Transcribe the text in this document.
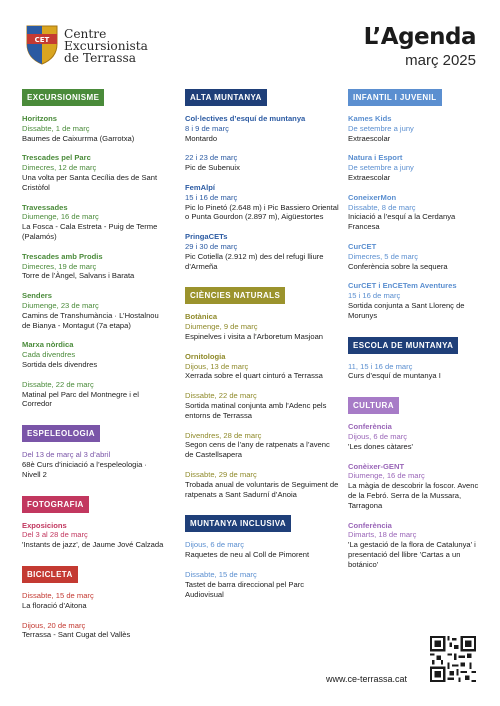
CET Centre
Excursionista
de Terrassa
L’Agenda
març 2025
EXCURSIONISME
Horitzons
Dissabte, 1 de març
Baumes de Caixurrma (Garrotxa)
Trescades pel Parc
Dimecres, 12 de març
Una volta per Santa Cecília des de Sant Cristòfol
Travessades
Diumenge, 16 de març
La Fosca - Cala Estreta - Puig de Terme (Palamós)
Trescades amb Prodis
Dimecres, 19 de març
Torre de l’Àngel, Salvans i Barata
Senders
Diumenge, 23 de març
Camins de Transhumància · L’Hostalnou de Bianya - Montagut (7a etapa)
Marxa nòrdica
Cada divendres
Sortida dels divendres
Dissabte, 22 de març
Matinal pel Parc del Montnegre i el Corredor
ESPELEOLOGIA
Del 13 de març al 3 d’abril
68è Curs d’iniciació a l’espeleologia · Nivell 2
FOTOGRAFIA
Exposicions
Del 3 al 28 de març
'Instants de jazz', de Jaume Jové Calzada
BICICLETA
Dissabte, 15 de març
La floració d’Aitona
Dijous, 20 de març
Terrassa - Sant Cugat del Vallès
ALTA MUNTANYA
Col·lectives d’esquí de muntanya
8 i 9 de març
Montardo
22 i 23 de març
Pic de Subenuix
FemAlpí
15 i 16 de març
Pic lo Pinetó (2.648 m) i Pic Bassiero Oriental o Punta Gourdon (2.897 m), Aigüestortes
PringaCETs
29 i 30 de març
Pic Cotiella (2.912 m) des del refugi lliure d’Armeña
CIÈNCIES NATURALS
Botànica
Diumenge, 9 de març
Espinelves i visita a l’Arboretum Masjoan
Ornitologia
Dijous, 13 de març
Xerrada sobre el quart cinturó a Terrassa
Dissabte, 22 de març
Sortida matinal conjunta amb l’Adenc pels entorns de Terrassa
Divendres, 28 de març
Segon cens de l’any de ratpenats a l’avenc de Castellsapera
Dissabte, 29 de març
Trobada anual de voluntaris de Seguiment de ratpenats a Sant Sadurní d’Anoia
MUNTANYA INCLUSIVA
Dijous, 6 de març
Raquetes de neu al Coll de Pimorent
Dissabte, 15 de març
Tastet de barra direccional pel Parc Audiovisual
INFANTIL I JUVENIL
Kames Kids
De setembre a juny
Extraescolar
Natura i Esport
De setembre a juny
Extraescolar
ConeixerMon
Dissabte, 8 de març
Iniciació a l’esquí a la Cerdanya Francesa
CurCET
Dimecres, 5 de març
Conferència sobre la sequera
CurCET i EnCETem Aventures
15 i 16 de març
Sortida conjunta a Sant Llorenç de Morunys
ESCOLA DE MUNTANYA
11, 15 i 16 de març
Curs d’esquí de muntanya I
CULTURA
Conferència
Dijous, 6 de març
'Les dones càtares'
Conèixer-GENT
Diumenge, 16 de març
La màgia de descobrir la foscor. Avenc de la Febró. Serra de la Mussara, Tarragona
Conferència
Dimarts, 18 de març
'La gestació de la flora de Catalunya' i presentació del llibre 'Cartas a un botánico'
www.ce-terrassa.cat
